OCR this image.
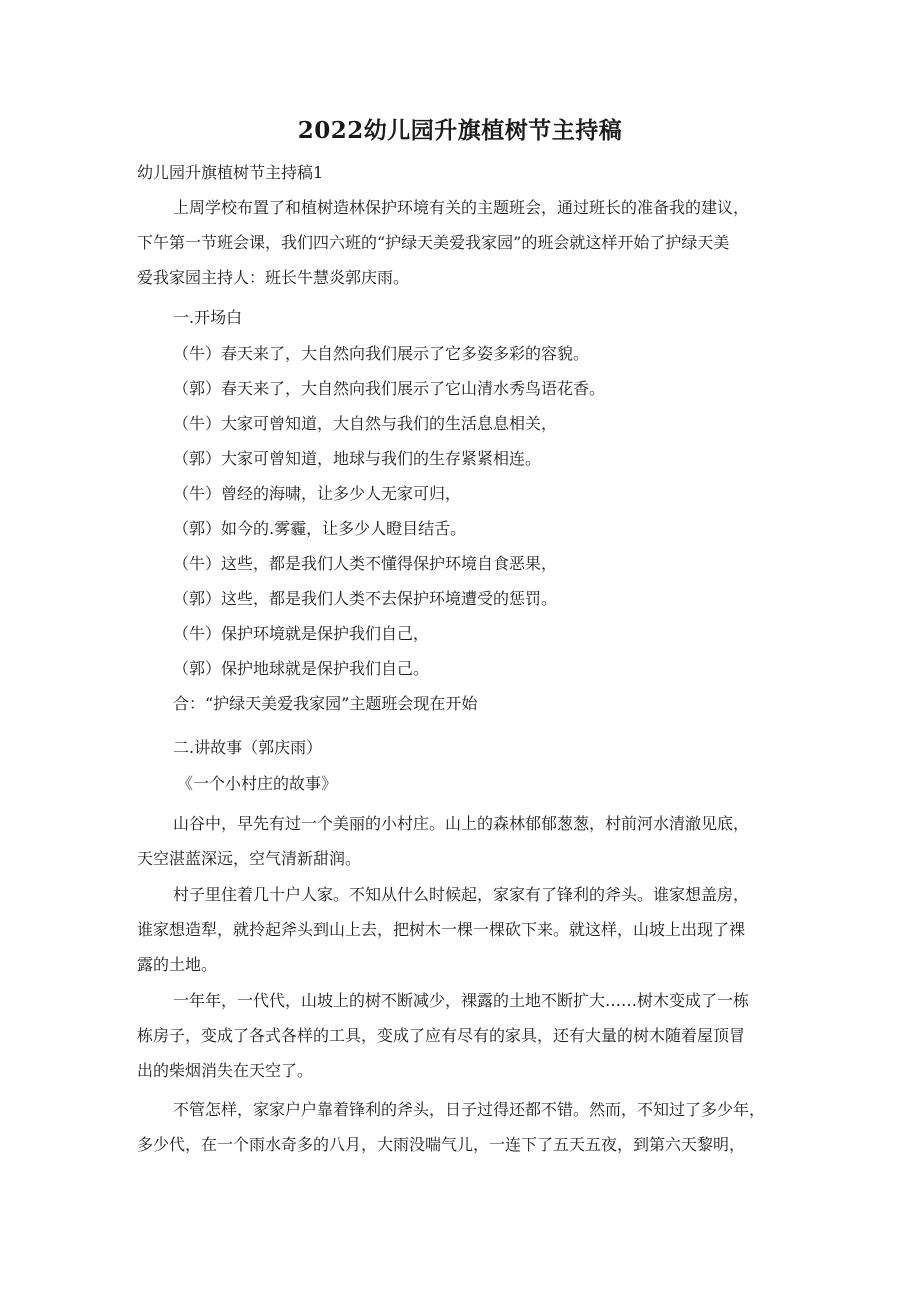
2022幼儿园升旗植树节主持稿
幼儿园升旗植树节主持稿1
上周学校布置了和植树造林保护环境有关的主题班会，通过班长的准备我的建议，
下午第一节班会课，我们四六班的“护绿天美爱我家园”的班会就这样开始了护绿天美
爱我家园主持人：班长牛慧炎郭庆雨。
一.开场白
（牛）春天来了，大自然向我们展示了它多姿多彩的容貌。
（郭）春天来了，大自然向我们展示了它山清水秀鸟语花香。
（牛）大家可曾知道，大自然与我们的生活息息相关，
（郭）大家可曾知道，地球与我们的生存紧紧相连。
（牛）曾经的海啸，让多少人无家可归，
（郭）如今的.雾霾，让多少人瞪目结舌。
（牛）这些，都是我们人类不懂得保护环境自食恶果，
（郭）这些，都是我们人类不去保护环境遭受的惩罚。
（牛）保护环境就是保护我们自己，
（郭）保护地球就是保护我们自己。
合：“护绿天美爱我家园”主题班会现在开始
二.讲故事（郭庆雨）
《一个小村庄的故事》
山谷中，早先有过一个美丽的小村庄。山上的森林郁郁葱葱，村前河水清澈见底，
天空湛蓝深远，空气清新甜润。
村子里住着几十户人家。不知从什么时候起，家家有了锋利的斧头。谁家想盖房，
谁家想造犁，就拎起斧头到山上去，把树木一棵一棵砍下来。就这样，山坡上出现了裸
露的土地。
一年年，一代代，山坡上的树不断减少，裸露的土地不断扩大……树木变成了一栋
栋房子，变成了各式各样的工具，变成了应有尽有的家具，还有大量的树木随着屋顶冒
出的柴烟消失在天空了。
不管怎样，家家户户靠着锋利的斧头，日子过得还都不错。然而，不知过了多少年，
多少代，在一个雨水奇多的八月，大雨没喘气儿，一连下了五天五夜，到第六天黎明，
